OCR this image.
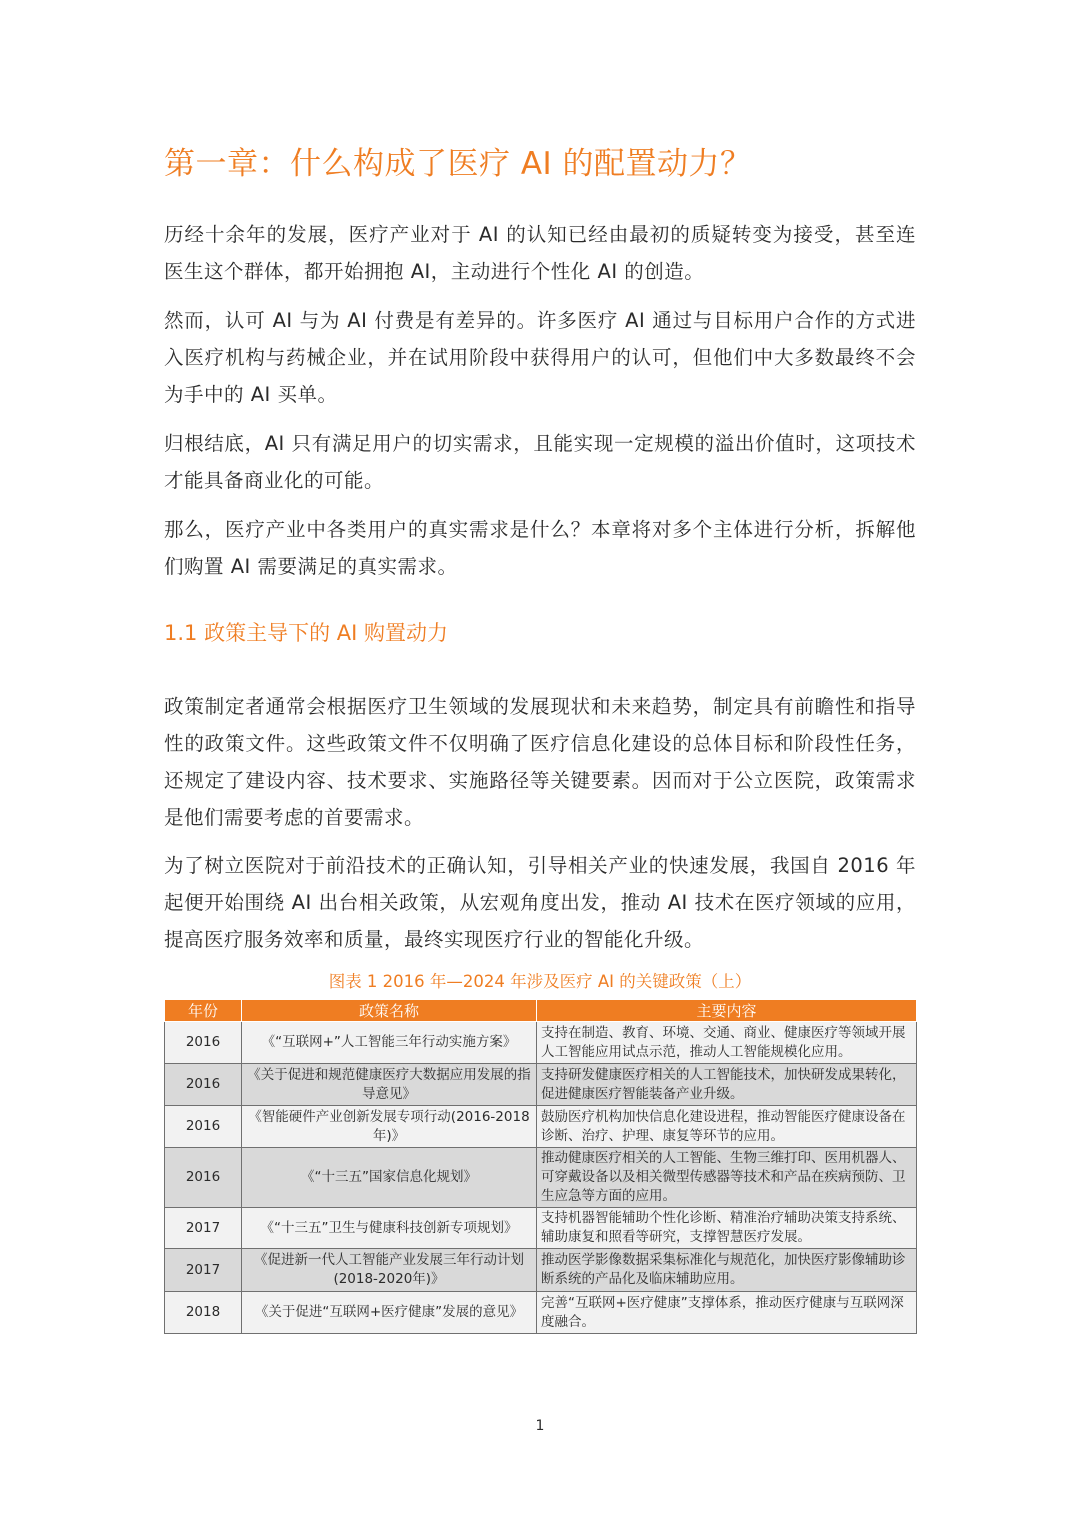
第一章：什么构成了医疗 AI 的配置动力？

历经十余年的发展，医疗产业对于 AI 的认知已经由最初的质疑转变为接受，甚至连医生这个群体，都开始拥抱 AI，主动进行个性化 AI 的创造。

然而，认可 AI 与为 AI 付费是有差异的。许多医疗 AI 通过与目标用户合作的方式进入医疗机构与药械企业，并在试用阶段中获得用户的认可，但他们中大多数最终不会为手中的 AI 买单。

归根结底，AI 只有满足用户的切实需求，且能实现一定规模的溢出价值时，这项技术才能具备商业化的可能。

那么，医疗产业中各类用户的真实需求是什么？本章将对多个主体进行分析，拆解他们购置 AI 需要满足的真实需求。

1.1 政策主导下的 AI 购置动力

政策制定者通常会根据医疗卫生领域的发展现状和未来趋势，制定具有前瞻性和指导性的政策文件。这些政策文件不仅明确了医疗信息化建设的总体目标和阶段性任务，还规定了建设内容、技术要求、实施路径等关键要素。因而对于公立医院，政策需求是他们需要考虑的首要需求。

为了树立医院对于前沿技术的正确认知，引导相关产业的快速发展，我国自 2016 年起便开始围绕 AI 出台相关政策，从宏观角度出发，推动 AI 技术在医疗领域的应用，提高医疗服务效率和质量，最终实现医疗行业的智能化升级。

图表 1 2016 年—2024 年涉及医疗 AI 的关键政策（上）

年份	政策名称	主要内容
2016	《“互联网+”人工智能三年行动实施方案》	支持在制造、教育、环境、交通、商业、健康医疗等领域开展人工智能应用试点示范，推动人工智能规模化应用。
2016	《关于促进和规范健康医疗大数据应用发展的指导意见》	支持研发健康医疗相关的人工智能技术，加快研发成果转化，促进健康医疗智能装备产业升级。
2016	《智能硬件产业创新发展专项行动(2016-2018年)》	鼓励医疗机构加快信息化建设进程，推动智能医疗健康设备在诊断、治疗、护理、康复等环节的应用。
2016	《“十三五”国家信息化规划》	推动健康医疗相关的人工智能、生物三维打印、医用机器人、可穿戴设备以及相关微型传感器等技术和产品在疾病预防、卫生应急等方面的应用。
2017	《“十三五”卫生与健康科技创新专项规划》	支持机器智能辅助个性化诊断、精准治疗辅助决策支持系统、辅助康复和照看等研究，支撑智慧医疗发展。
2017	《促进新一代人工智能产业发展三年行动计划(2018-2020年)》	推动医学影像数据采集标准化与规范化，加快医疗影像辅助诊断系统的产品化及临床辅助应用。
2018	《关于促进“互联网+医疗健康”发展的意见》	完善“互联网+医疗健康”支撑体系，推动医疗健康与互联网深度融合。
1
